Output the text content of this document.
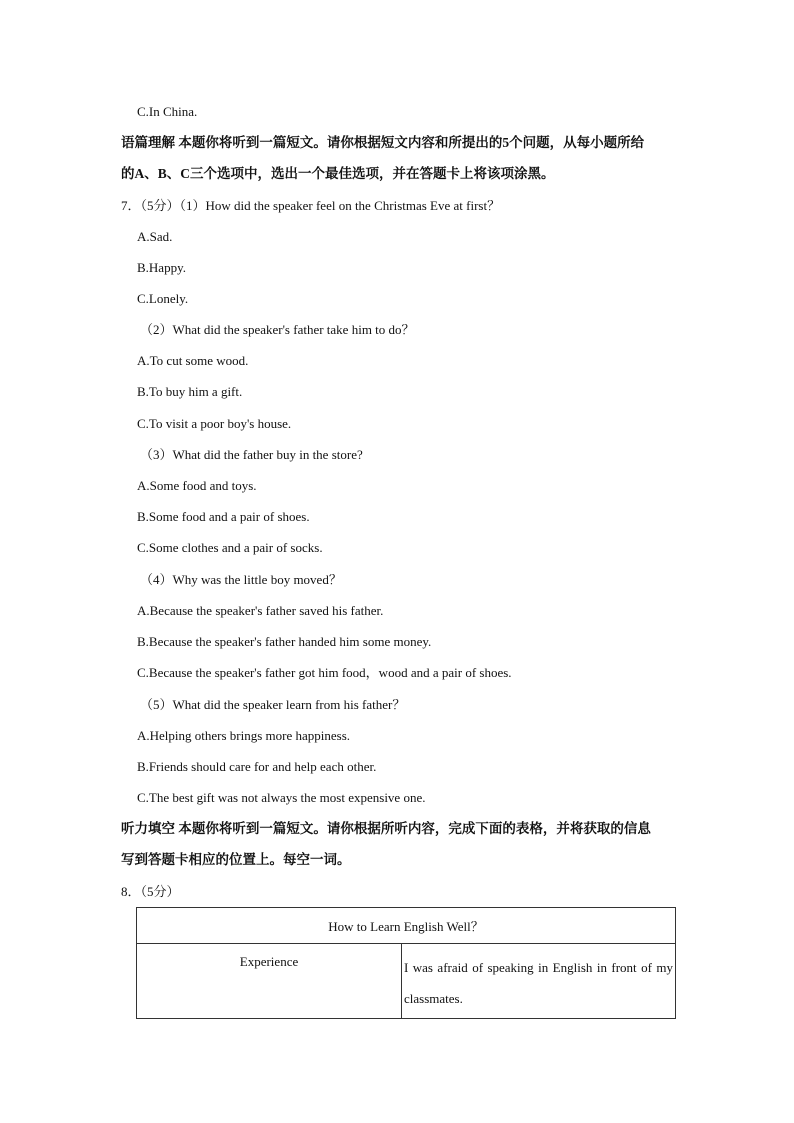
C.In China.
语篇理解 本题你将听到一篇短文。请你根据短文内容和所提出的5个问题，从每小题所给
的A、B、C三个选项中，选出一个最佳选项，并在答题卡上将该项涂黑。
7．（5分）（1）How did the speaker feel on the Christmas Eve at first？
A.Sad.
B.Happy.
C.Lonely.
（2）What did the speaker's father take him to do？
A.To cut some wood.
B.To buy him a gift.
C.To visit a poor boy's house.
（3）What did the father buy in the store?
A.Some food and toys.
B.Some food and a pair of shoes.
C.Some clothes and a pair of socks.
（4）Why was the little boy moved？
A.Because the speaker's father saved his father.
B.Because the speaker's father handed him some money.
C.Because the speaker's father got him food，wood and a pair of shoes.
（5）What did the speaker learn from his father？
A.Helping others brings more happiness.
B.Friends should care for and help each other.
C.The best gift was not always the most expensive one.
听力填空 本题你将听到一篇短文。请你根据所听内容，完成下面的表格，并将获取的信息
写到答题卡相应的位置上。每空一词。
8．（5分）
How to Learn English Well？
Experience	I was afraid of speaking in English in front of my classmates.
